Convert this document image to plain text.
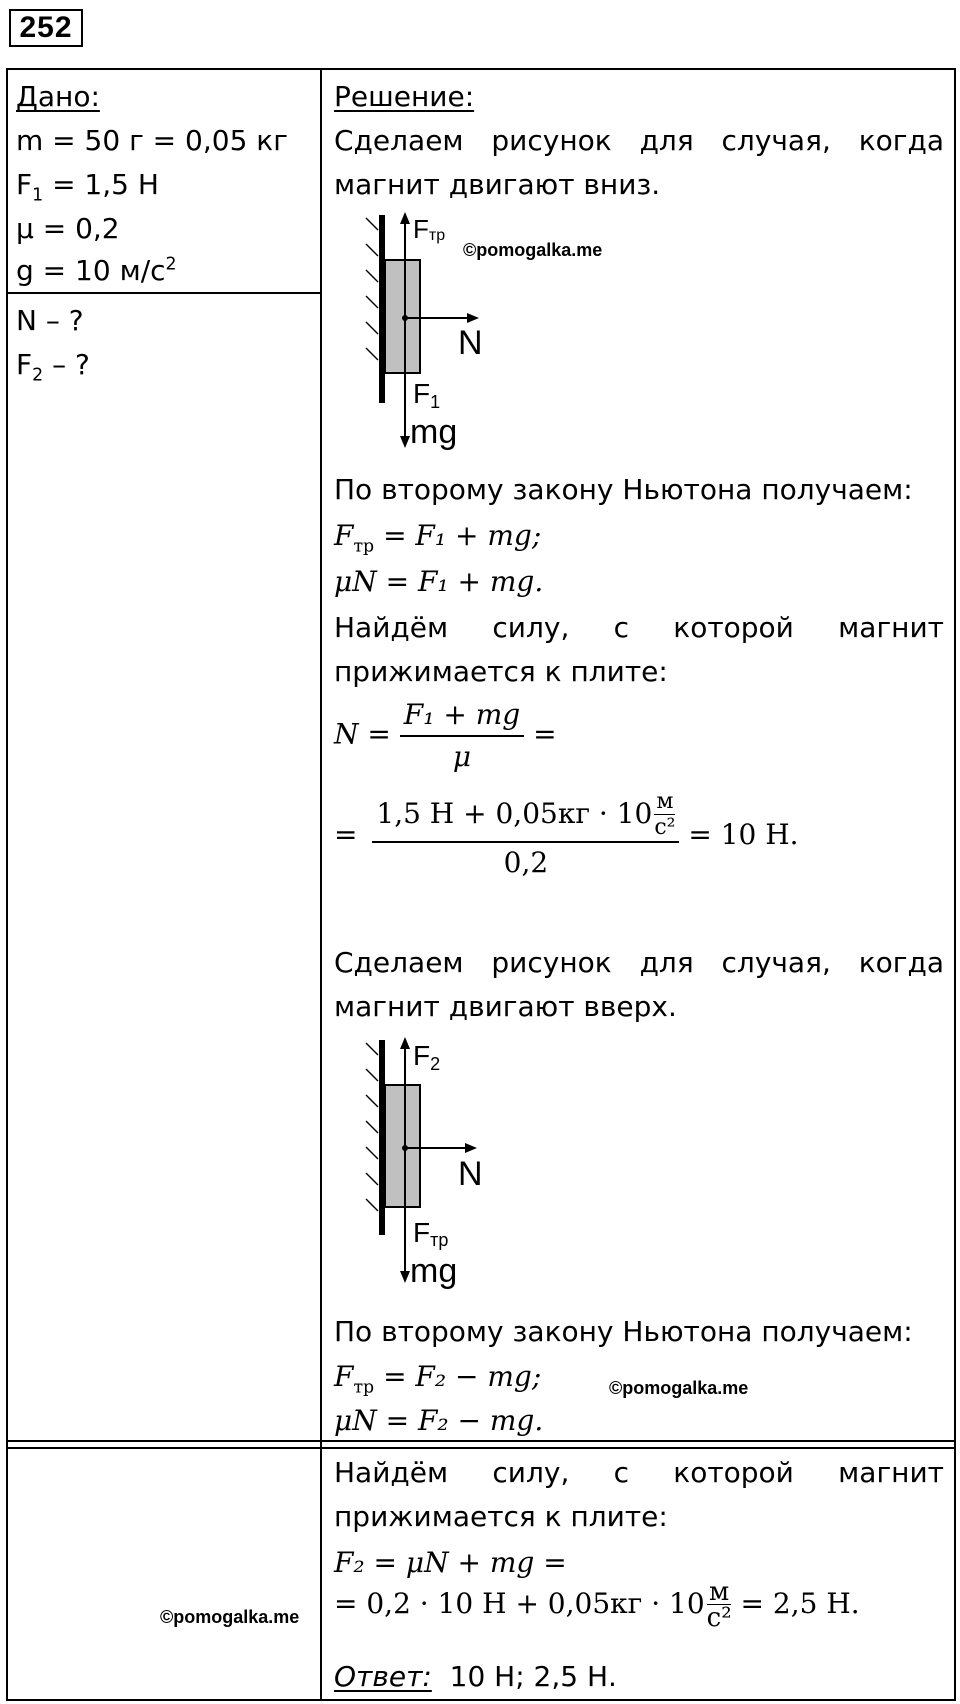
252
Дано:
m = 50 г = 0,05 кг
$F_1 = 1,5$ Н
μ = 0,2
g = 10 $м/с^2$
N – ?
$F_2$ – ?
Решение:
Сделаем рисунок для случая, когда
магнит двигают вниз.
Fтр
N
F1
mg
©pomogalka.me
По второму закону Ньютона получаем:
$F_{тр} = F_1$ + mg;
μN = F₁ + mg.
Найдём силу, с которой магнит
прижимается к плите:
$N = \frac{\text{F₁ + mg}}{\mu}$ =
= 1,5 Н + 0,05кг · 10 м
с²
0,2 = 10 Н.
Сделаем рисунок для случая, когда
магнит двигают вверх.
F2
N
Fтр
mg
По второму закону Ньютона получаем:
$F_{тр} = F_2$ − mg;	©pomogalka.me
μN = F₂ − mg.
Найдём силу, с которой магнит
прижимается к плите:
F₂ = μN + mg =
= 0,2 · 10 Н + 0,05кг · 10 м
с² = 2,5 Н.
©pomogalka.me
Ответ: 10 Н; 2,5 Н.
